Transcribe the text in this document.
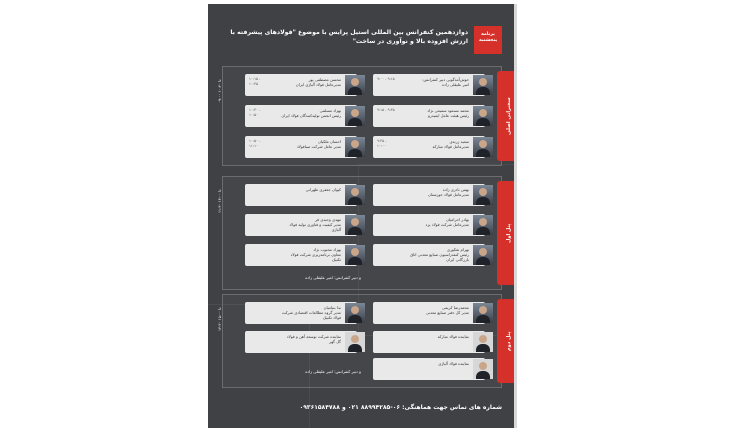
برنامه پنجشنبه
دوازدهمین کنفرانس بین المللی استیل پرایس با موضوع "فولادهای پیشرفته با ارزش افزوده بالا و نوآوری در ساخت"
سخنرانی اصلی
۰۹:۰۰ تا ۱۰:۴۰	خوش‌آمدگویی دبیر کنفرانس:
امیر علیقلی زاده
۹:۰۰ - ۹:۱۵
محسن مصطفی پور
مدیرعامل فولاد آلیاژی ایران
۱۰:۱۵ - ۱۰:۳۵
محمد مسعود سمیعی نژاد
رئیس هیئت عامل ایمیدرو
۹:۱۵ - ۹:۳۵
بهزاد مسلمی
رئیس انجمن تولیدکنندگان فولاد ایران
۱۰:۳۰ - ۱۰:۵۰
سعید زرندی
مدیرعامل فولاد مبارکه
۹:۳۵ - ۱۰:۰۰
احسان ملکیان
مدیر عامل شرکت صبافولاد
۱۰:۵۰ - ۱۱:۱۰
پنل اول
۱۱:۳۰ تا ۱۳:۰۰	بهمن نادری زاده
مدیرعامل فولاد خوزستان
کیوان جعفری طهرانی

بهادر احرامیان
مدیرعامل شرکت فولاد یزد
مهدی وحیدی فر
مدیر کیفیت و فناوری تولید فولاد آلیاژی
بهرام شکوری
رئیس کنفدراسیون صنایع معدنی اتاق بازرگانی ایران
بهزاد محبوب نژاد
معاون برنامه‌ریزی شرکت فولاد تکنیک
و دبیر کنفرانس: امیر علیقلی زاده
پنل دوم
۱۳:۳۰ تا ۱۵:۰۰	محمدرضا کریمی
مدیر کل دفتر صنایع معدنی
ندا بنیامیان
مدیر گروه مطالعات اقتصادی شرکت فولاد تکنیک
نماینده فولاد مبارکه
نماینده شرکت توسعه آهن و فولاد گل گهر
نماینده فولاد آلیاژی
و دبیر کنفرانس: امیر علیقلی زاده
شماره های تماس جهت هماهنگی: ۰۶-۸۸۹۹۴۲۸۵ ۰۲۱ و ۰۹۳۶۱۵۸۴۷۸۸
